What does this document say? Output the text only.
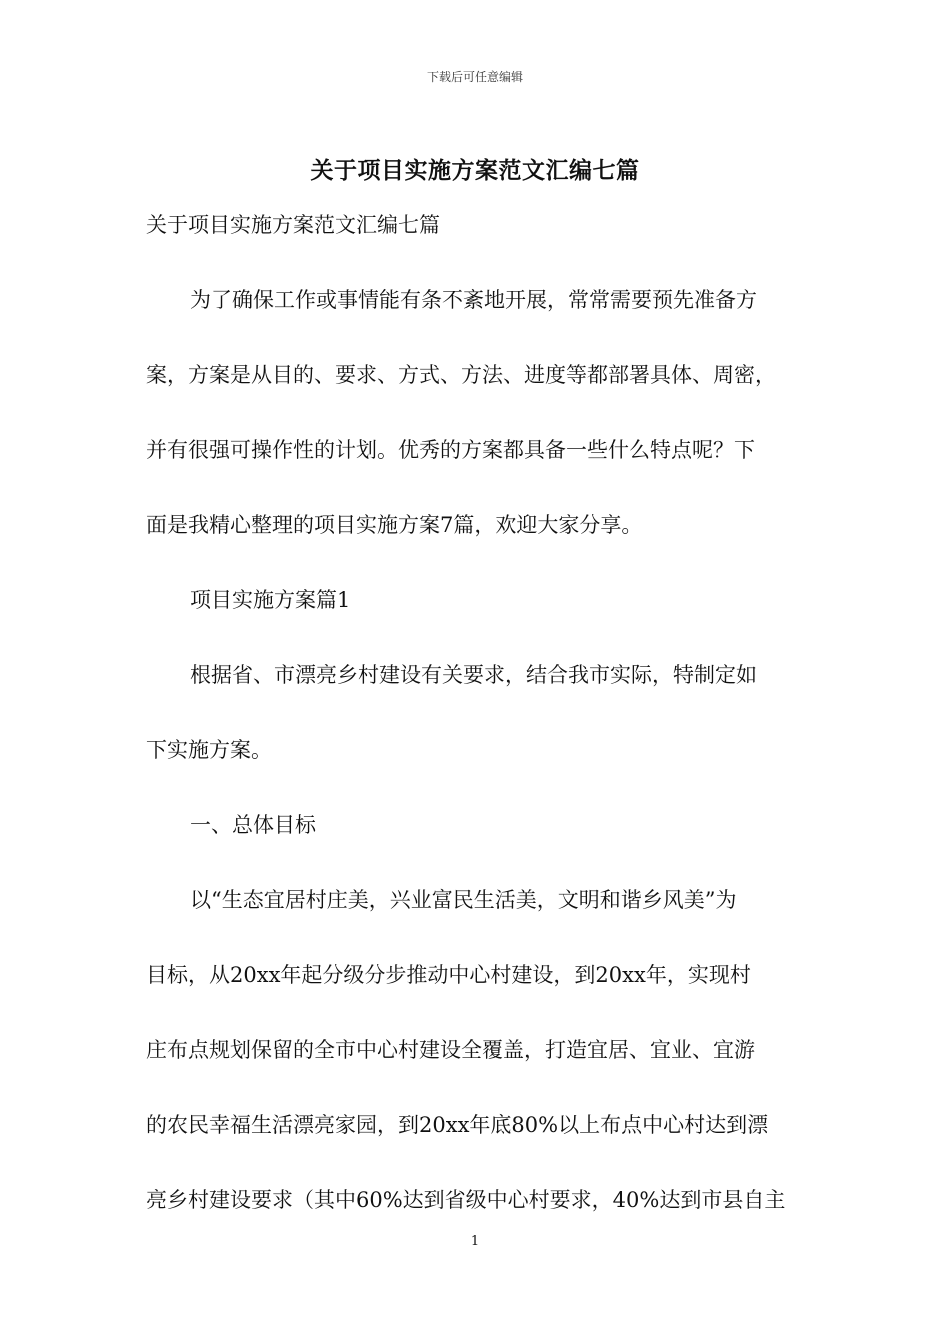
下载后可任意编辑
关于项目实施方案范文汇编七篇
关于项目实施方案范文汇编七篇
为了确保工作或事情能有条不紊地开展，常常需要预先准备方
案，方案是从目的、要求、方式、方法、进度等都部署具体、周密，
并有很强可操作性的计划。优秀的方案都具备一些什么特点呢？下
面是我精心整理的项目实施方案7篇，欢迎大家分享。
项目实施方案篇1
根据省、市漂亮乡村建设有关要求，结合我市实际，特制定如
下实施方案。
一、总体目标
以“生态宜居村庄美，兴业富民生活美，文明和谐乡风美”为
目标，从20xx年起分级分步推动中心村建设，到20xx年，实现村
庄布点规划保留的全市中心村建设全覆盖，打造宜居、宜业、宜游
的农民幸福生活漂亮家园，到20xx年底80%以上布点中心村达到漂
亮乡村建设要求（其中60%达到省级中心村要求，40%达到市县自主
1
